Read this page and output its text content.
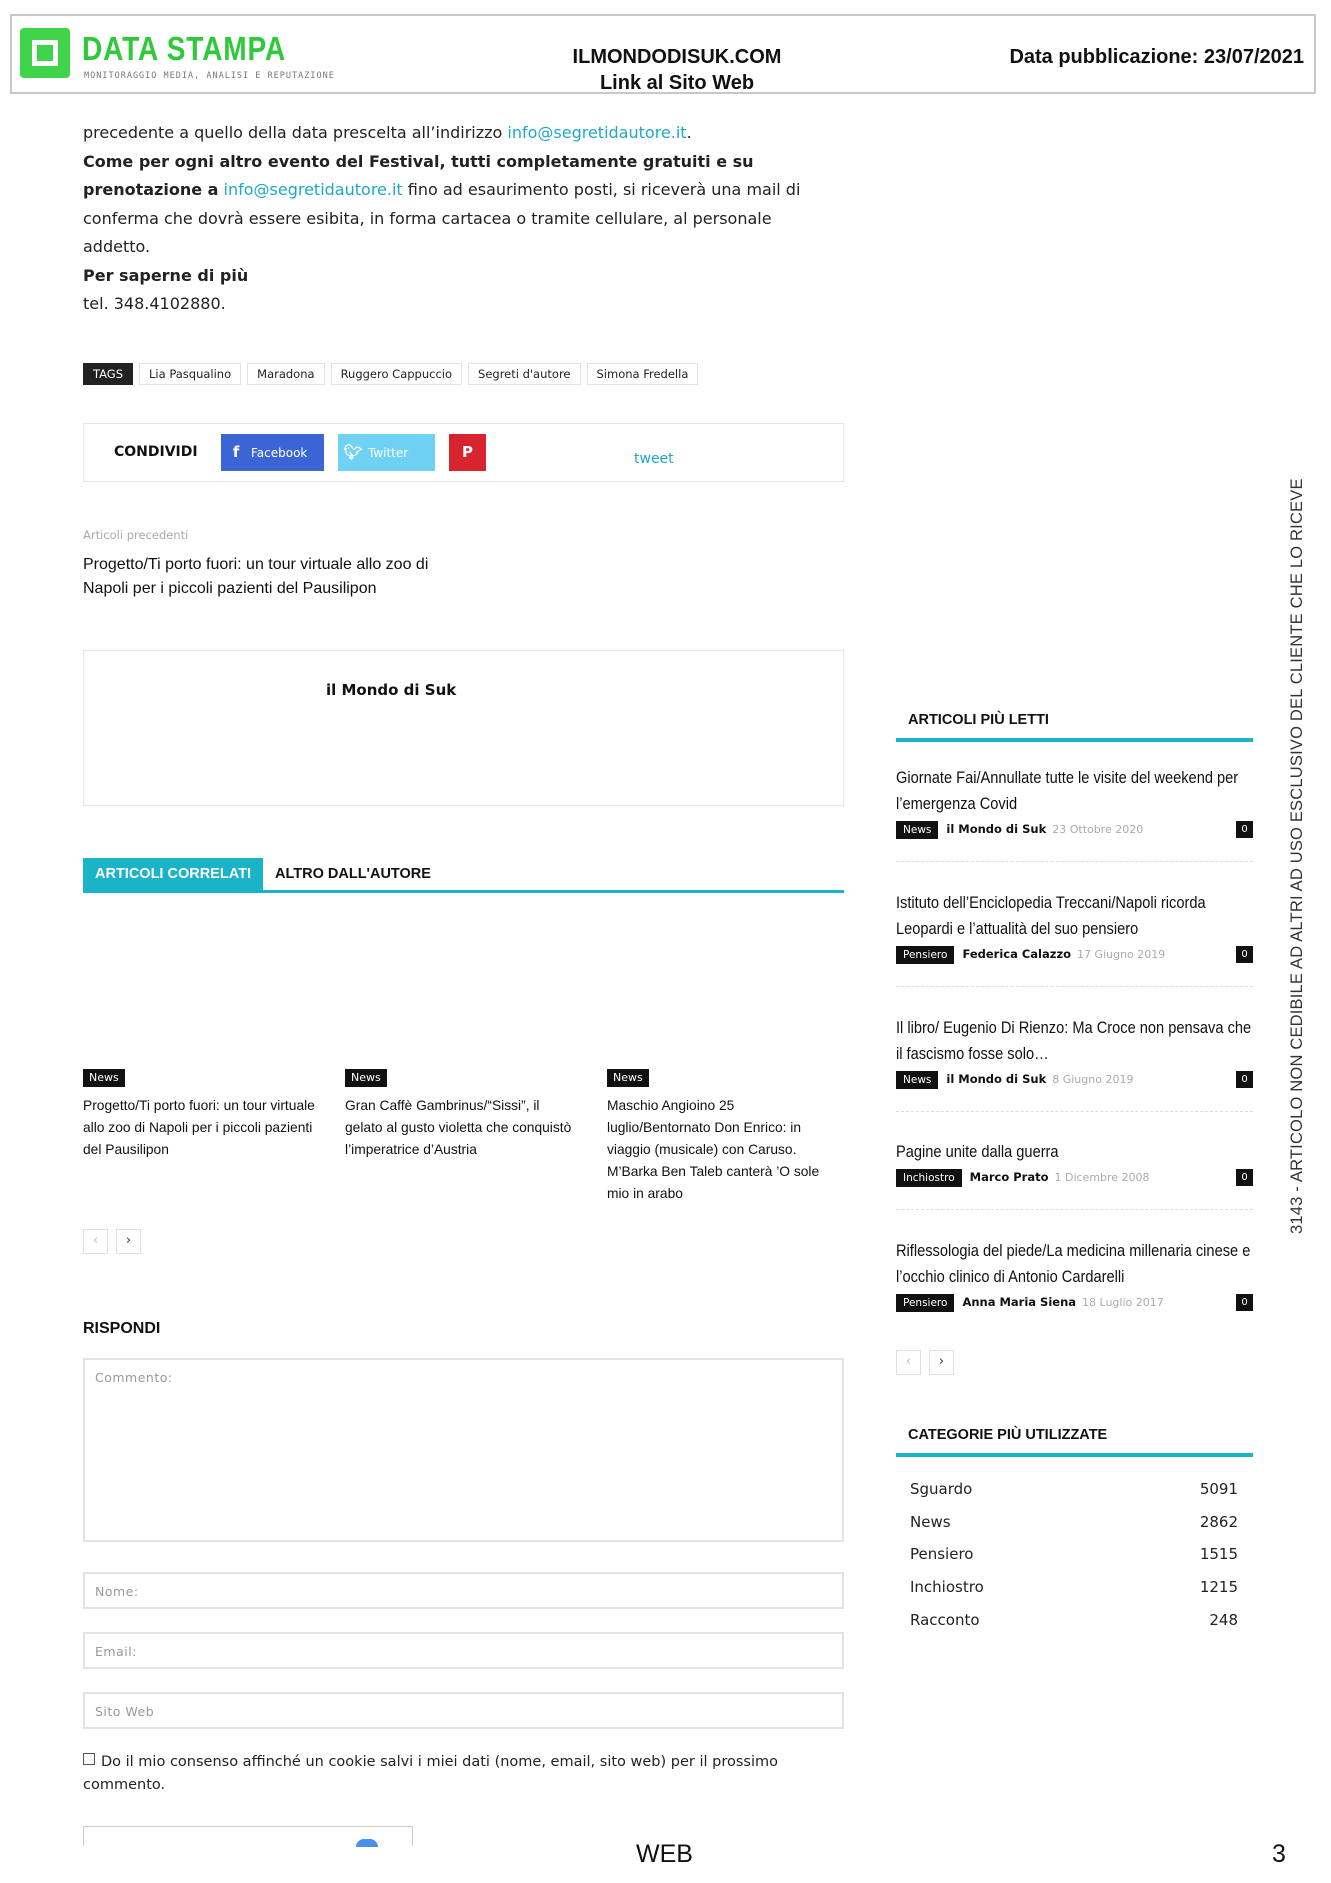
DATA STAMPA
MONITORAGGIO MEDIA, ANALISI E REPUTAZIONE
ILMONDODISUK.COM
Link al Sito Web
Data pubblicazione: 23/07/2021

precedente a quello della data prescelta all’indirizzo info@segretidautore.it.

Come per ogni altro evento del Festival, tutti completamente gratuiti e su prenotazione a info@segretidautore.it fino ad esaurimento posti, si riceverà una mail di conferma che dovrà essere esibita, in forma cartacea o tramite cellulare, al personale addetto.

Per saperne di più

tel. 348.4102880.

TAGS	Lia Pasqualino	Maradona	Ruggero Cappuccio	Segreti d'autore	Simona Fredella
CONDIVIDI	f Facebook	🐦︎ Twitter	P	tweet
Articoli precedenti
Progetto/Ti porto fuori: un tour virtuale allo zoo di Napoli per i piccoli pazienti del Pausilipon
il Mondo di Suk
ARTICOLI CORRELATI	ALTRO DALL'AUTORE
News
Progetto/Ti porto fuori: un tour virtuale allo zoo di Napoli per i piccoli pazienti del Pausilipon
News
Gran Caffè Gambrinus/“Sissi”, il gelato al gusto violetta che conquistò l’imperatrice d’Austria
News
Maschio Angioino 25 luglio/Bentornato Don Enrico: in viaggio (musicale) con Caruso. M’Barka Ben Taleb canterà ’O sole mio in arabo
‹	›
RISPONDI
Commento:
Nome:
Email:
Sito Web
Do il mio consenso affinché un cookie salvi i miei dati (nome, email, sito web) per il prossimo commento.
ARTICOLI PIÙ LETTI
Giornate Fai/Annullate tutte le visite del weekend per l’emergenza Covid
News il Mondo di Suk 23 Ottobre 2020	0
Istituto dell’Enciclopedia Treccani/Napoli ricorda Leopardi e l’attualità del suo pensiero
Pensiero Federica Calazzo 17 Giugno 2019	0
Il libro/ Eugenio Di Rienzo: Ma Croce non pensava che il fascismo fosse solo…
News il Mondo di Suk 8 Giugno 2019	0
Pagine unite dalla guerra
Inchiostro Marco Prato 1 Dicembre 2008	0
Riflessologia del piede/La medicina millenaria cinese e l’occhio clinico di Antonio Cardarelli
Pensiero Anna Maria Siena 18 Luglio 2017	0
‹	›
CATEGORIE PIÙ UTILIZZATE
Sguardo	5091
News	2862
Pensiero	1515
Inchiostro	1215
Racconto	248
3143 - ARTICOLO NON CEDIBILE AD ALTRI AD USO ESCLUSIVO DEL CLIENTE CHE LO RICEVE
WEB	3
